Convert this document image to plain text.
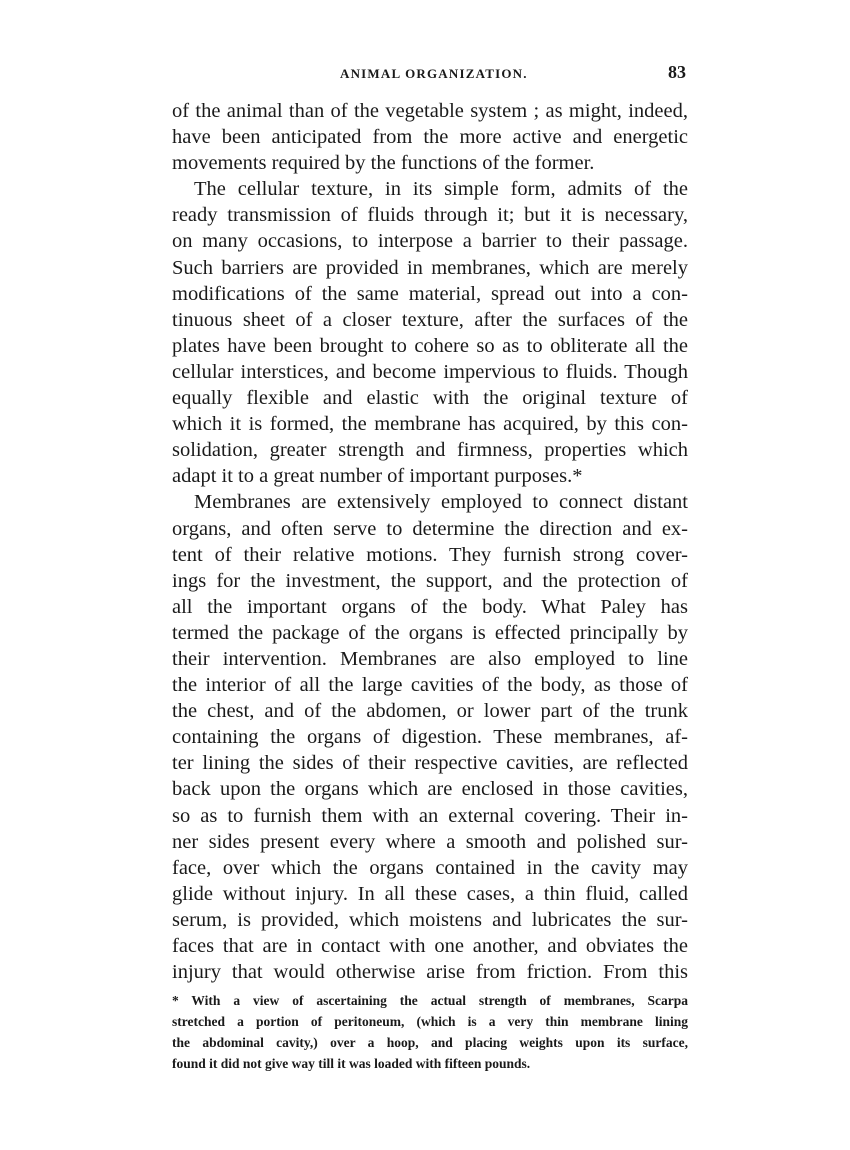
ANIMAL ORGANIZATION.	83
of the animal than of the vegetable system ; as might, indeed,
have been anticipated from the more active and energetic
movements required by the functions of the former.
The cellular texture, in its simple form, admits of the
ready transmission of fluids through it; but it is necessary,
on many occasions, to interpose a barrier to their passage.
Such barriers are provided in membranes, which are merely
modifications of the same material, spread out into a con-
tinuous sheet of a closer texture, after the surfaces of the
plates have been brought to cohere so as to obliterate all the
cellular interstices, and become impervious to fluids. Though
equally flexible and elastic with the original texture of
which it is formed, the membrane has acquired, by this con-
solidation, greater strength and firmness, properties which
adapt it to a great number of important purposes.*
Membranes are extensively employed to connect distant
organs, and often serve to determine the direction and ex-
tent of their relative motions. They furnish strong cover-
ings for the investment, the support, and the protection of
all the important organs of the body. What Paley has
termed the package of the organs is effected principally by
their intervention. Membranes are also employed to line
the interior of all the large cavities of the body, as those of
the chest, and of the abdomen, or lower part of the trunk
containing the organs of digestion. These membranes, af-
ter lining the sides of their respective cavities, are reflected
back upon the organs which are enclosed in those cavities,
so as to furnish them with an external covering. Their in-
ner sides present every where a smooth and polished sur-
face, over which the organs contained in the cavity may
glide without injury. In all these cases, a thin fluid, called
serum, is provided, which moistens and lubricates the sur-
faces that are in contact with one another, and obviates the
injury that would otherwise arise from friction. From this
* With a view of ascertaining the actual strength of membranes, Scarpa
stretched a portion of peritoneum, (which is a very thin membrane lining
the abdominal cavity,) over a hoop, and placing weights upon its surface,
found it did not give way till it was loaded with fifteen pounds.
